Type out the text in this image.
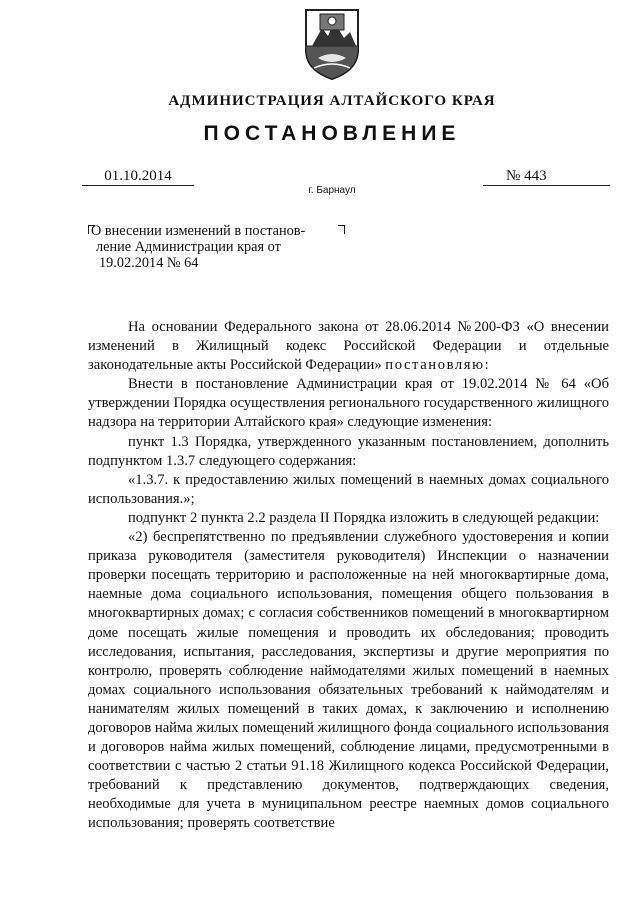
АДМИНИСТРАЦИЯ АЛТАЙСКОГО КРАЯ
ПОСТАНОВЛЕНИЕ
01.10.2014	№ 443
г. Барнаул
О внесении изменений в постанов-
ление Администрации края от
19.02.2014 № 64

На основании Федерального закона от 28.06.2014 №200-ФЗ «О внесении изменений в Жилищный кодекс Российской Федерации и отдельные законодательные акты Российской Федерации» постановляю:

Внести в постановление Администрации края от 19.02.2014 № 64 «Об утверждении Порядка осуществления регионального государственного жилищного надзора на территории Алтайского края» следующие изменения:

пункт 1.3 Порядка, утвержденного указанным постановлением, дополнить подпунктом 1.3.7 следующего содержания:

«1.3.7. к предоставлению жилых помещений в наемных домах социального использования.»;

подпункт 2 пункта 2.2 раздела II Порядка изложить в следующей редакции:

«2) беспрепятственно по предъявлении служебного удостоверения и копии приказа руководителя (заместителя руководителя) Инспекции о назначении проверки посещать территорию и расположенные на ней многоквартирные дома, наемные дома социального использования, помещения общего пользования в многоквартирных домах; с согласия собственников помещений в многоквартирном доме посещать жилые помещения и проводить их обследования; проводить исследования, испытания, расследования, экспертизы и другие мероприятия по контролю, проверять соблюдение наймодателями жилых помещений в наемных домах социального использования обязательных требований к наймодателям и нанимателям жилых помещений в таких домах, к заключению и исполнению договоров найма жилых помещений жилищного фонда социального использования и договоров найма жилых помещений, соблюдение лицами, предусмотренными в соответствии с частью 2 статьи 91.18 Жилищного кодекса Российской Федерации, требований к представлению документов, подтверждающих сведения, необходимые для учета в муниципальном реестре наемных домов социального использования; проверять соответствие
